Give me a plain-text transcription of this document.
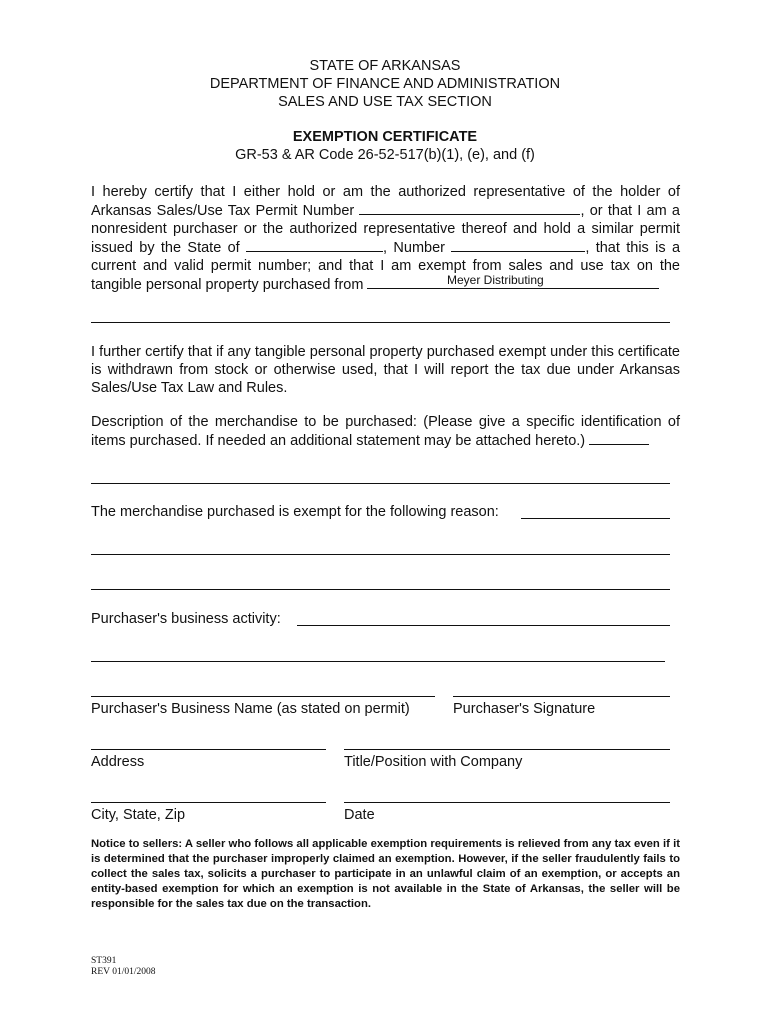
STATE OF ARKANSAS
DEPARTMENT OF FINANCE AND ADMINISTRATION
SALES AND USE TAX SECTION
EXEMPTION CERTIFICATE
GR-53 & AR Code 26-52-517(b)(1), (e), and (f)
I hereby certify that I either hold or am the authorized representative of the holder of
Arkansas Sales/Use Tax Permit Number	, or that I am a
nonresident purchaser or the authorized representative thereof and hold a similar permit
issued by the State of	, Number	, that this is a
current and valid permit number; and that I am exempt from sales and use tax on the
tangible personal property purchased from	Meyer Distributing
I further certify that if any tangible personal property purchased exempt under this certificate is withdrawn from stock or otherwise used, that I will report the tax due under Arkansas Sales/Use Tax Law and Rules.
Description of the merchandise to be purchased: (Please give a specific identification of
items purchased. If needed an additional statement may be attached hereto.)
The merchandise purchased is exempt for the following reason:
Purchaser's business activity:
Purchaser's Business Name (as stated on permit)	Purchaser's Signature
Address	Title/Position with Company
City, State, Zip	Date
Notice to sellers: A seller who follows all applicable exemption requirements is relieved from any tax even if it is determined that the purchaser improperly claimed an exemption. However, if the seller fraudulently fails to collect the sales tax, solicits a purchaser to participate in an unlawful claim of an exemption, or accepts an entity-based exemption for which an exemption is not available in the State of Arkansas, the seller will be responsible for the sales tax due on the transaction.
ST391
REV 01/01/2008
